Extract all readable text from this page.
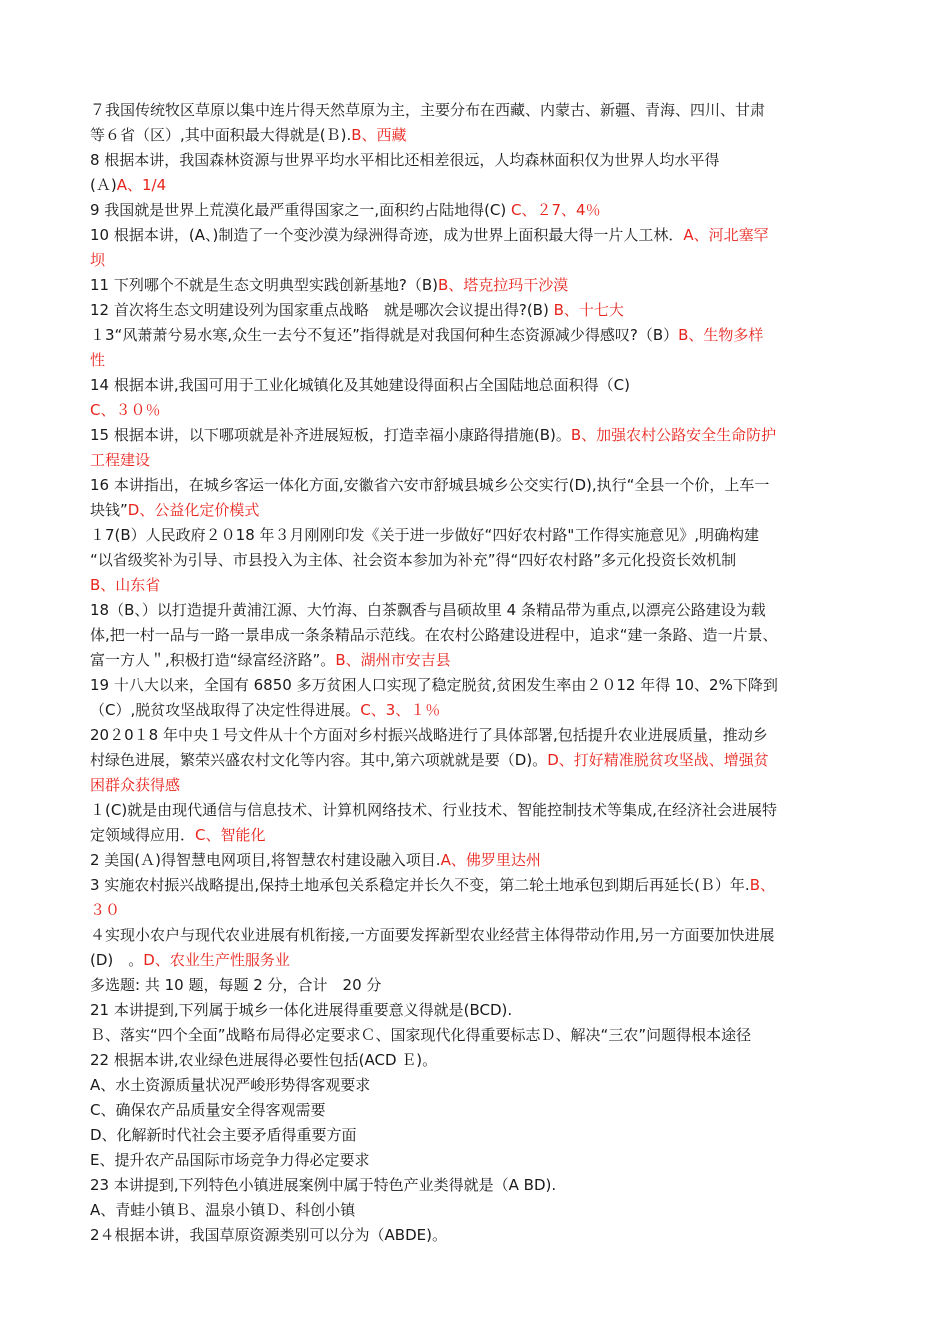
７我国传统牧区草原以集中连片得天然草原为主，主要分布在西藏、内蒙古、新疆、青海、四川、甘肃
等６省（区）,其中面积最大得就是(Ｂ).B、西藏
8 根据本讲，我国森林资源与世界平均水平相比还相差很远，人均森林面积仅为世界人均水平得
(Ａ)A、1/4
9 我国就是世界上荒漠化最严重得国家之一,面积约占陆地得(C) C、２7、4％
10 根据本讲，(A、)制造了一个变沙漠为绿洲得奇迹，成为世界上面积最大得一片人工林．A、河北塞罕
坝
11 下列哪个不就是生态文明典型实践创新基地?（B)B、塔克拉玛干沙漠
12 首次将生态文明建设列为国家重点战略　就是哪次会议提出得?(B) B、十七大
１3“风萧萧兮易水寒,众生一去兮不复还”指得就是对我国何种生态资源减少得感叹?（B）B、生物多样
性
14 根据本讲,我国可用于工业化城镇化及其她建设得面积占全国陆地总面积得（C)
C、３０％
15 根据本讲，以下哪项就是补齐进展短板，打造幸福小康路得措施(B)。B、加强农村公路安全生命防护
工程建设
16 本讲指出，在城乡客运一体化方面,安徽省六安市舒城县城乡公交实行(D),执行“全县一个价，上车一
块钱”D、公益化定价模式
１7(B）人民政府２０18 年３月刚刚印发《关于进一步做好“四好农村路"工作得实施意见》,明确构建
“以省级奖补为引导、市县投入为主体、社会资本参加为补充”得“四好农村路”多元化投资长效机制
B、山东省
18（B、）以打造提升黄浦江源、大竹海、白茶飘香与昌硕故里 4 条精品带为重点,以漂亮公路建设为载
体,把一村一品与一路一景串成一条条精品示范线。在农村公路建设进程中，追求“建一条路、造一片景、
富一方人＂,积极打造“绿富经济路”。B、湖州市安吉县
19 十八大以来，全国有 6850 多万贫困人口实现了稳定脱贫,贫困发生率由２０12 年得 10、2%下降到
（C）,脱贫攻坚战取得了决定性得进展。C、3、１％
20２0１8 年中央１号文件从十个方面对乡村振兴战略进行了具体部署,包括提升农业进展质量，推动乡
村绿色进展，繁荣兴盛农村文化等内容。其中,第六项就就是要（D)。D、打好精准脱贫攻坚战、增强贫
困群众获得感
１(C)就是由现代通信与信息技术、计算机网络技术、行业技术、智能控制技术等集成,在经济社会进展特
定领域得应用．C、智能化
2 美国(Ａ)得智慧电网项目,将智慧农村建设融入项目.A、佛罗里达州
3 实施农村振兴战略提出,保持土地承包关系稳定并长久不变，第二轮土地承包到期后再延长(Ｂ）年.B、
３０
４实现小农户与现代农业进展有机衔接,一方面要发挥新型农业经营主体得带动作用,另一方面要加快进展
(D)　。D、农业生产性服务业
多选题: 共 10 题，每题 2 分，合计　20 分
21 本讲提到,下列属于城乡一体化进展得重要意义得就是(BCD).
Ｂ、落实“四个全面”战略布局得必定要求Ｃ、国家现代化得重要标志Ｄ、解决“三农”问题得根本途径
22 根据本讲,农业绿色进展得必要性包括(ACD Ｅ)。
A、水土资源质量状况严峻形势得客观要求
C、确保农产品质量安全得客观需要
D、化解新时代社会主要矛盾得重要方面
E、提升农产品国际市场竞争力得必定要求
23 本讲提到,下列特色小镇进展案例中属于特色产业类得就是（A BD).
A、青蛙小镇Ｂ、温泉小镇Ｄ、科创小镇
2４根据本讲，我国草原资源类别可以分为（ABDE)。
